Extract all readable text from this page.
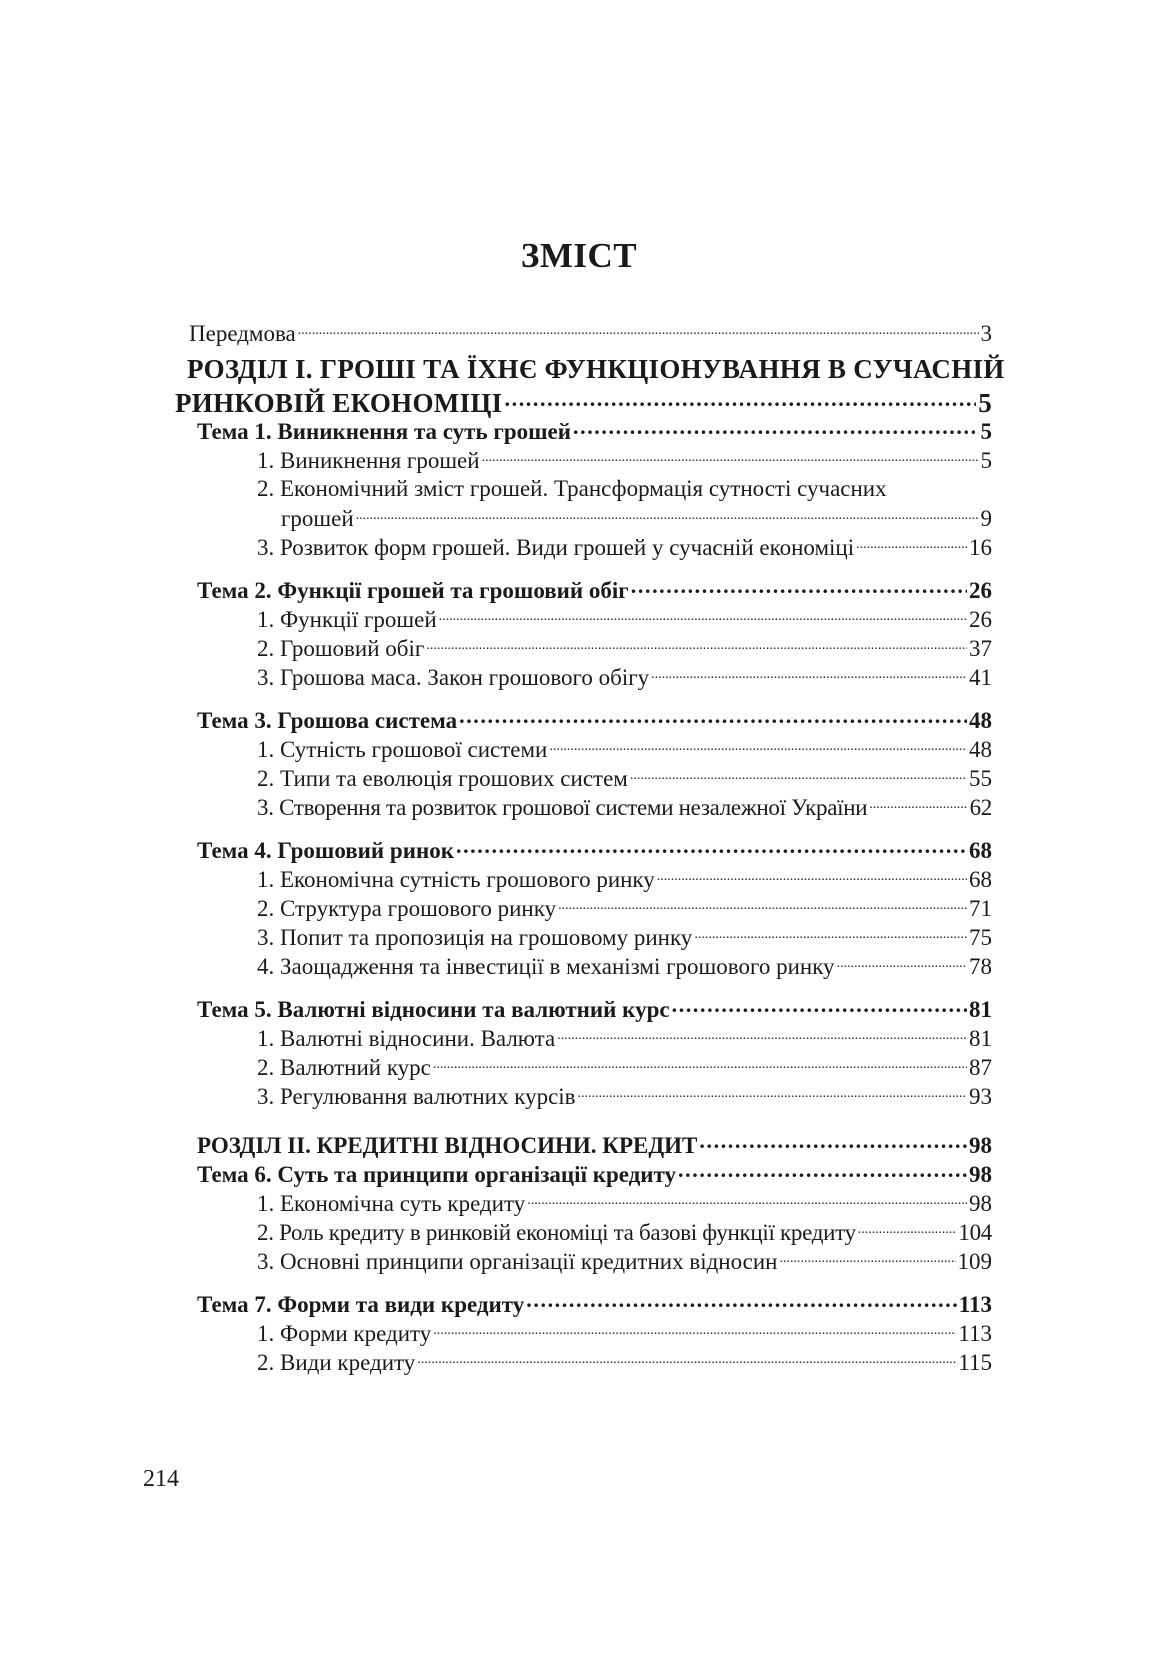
ЗМІСТ
Передмова .....	3
РОЗДІЛ І. ГРОШІ ТА ЇХНЄ ФУНКЦІОНУВАННЯ В СУЧАСНІЙ
РИНКОВІЙ ЕКОНОМІЦІ .....	5
Тема 1. Виникнення та суть грошей .....	5
1. Виникнення грошей .....	5
2. Економічний зміст грошей. Трансформація сутності сучасних
грошей .....	9
3. Розвиток форм грошей. Види грошей у сучасній економіці .....	16
Тема 2. Функції грошей та грошовий обіг .....	26
1. Функції грошей .....	26
2. Грошовий обіг .....	37
3. Грошова маса. Закон грошового обігу .....	41
Тема 3. Грошова система .....	48
1. Сутність грошової системи .....	48
2. Типи та еволюція грошових систем .....	55
3. Створення та розвиток грошової системи незалежної України .....	62
Тема 4. Грошовий ринок .....	68
1. Економічна сутність грошового ринку .....	68
2. Структура грошового ринку .....	71
3. Попит та пропозиція на грошовому ринку .....	75
4. Заощадження та інвестиції в механізмі грошового ринку .....	78
Тема 5. Валютні відносини та валютний курс .....	81
1. Валютні відносини. Валюта .....	81
2. Валютний курс .....	87
3. Регулювання валютних курсів .....	93
РОЗДІЛ ІІ. КРЕДИТНІ ВІДНОСИНИ. КРЕДИТ .....	98
Тема 6. Суть та принципи організації кредиту .....	98
1. Економічна суть кредиту .....	98
2. Роль кредиту в ринковій економіці та базові функції кредиту .....	104
3. Основні принципи організації кредитних відносин .....	109
Тема 7. Форми та види кредиту .....	113
1. Форми кредиту .....	113
2. Види кредиту .....	115
214
